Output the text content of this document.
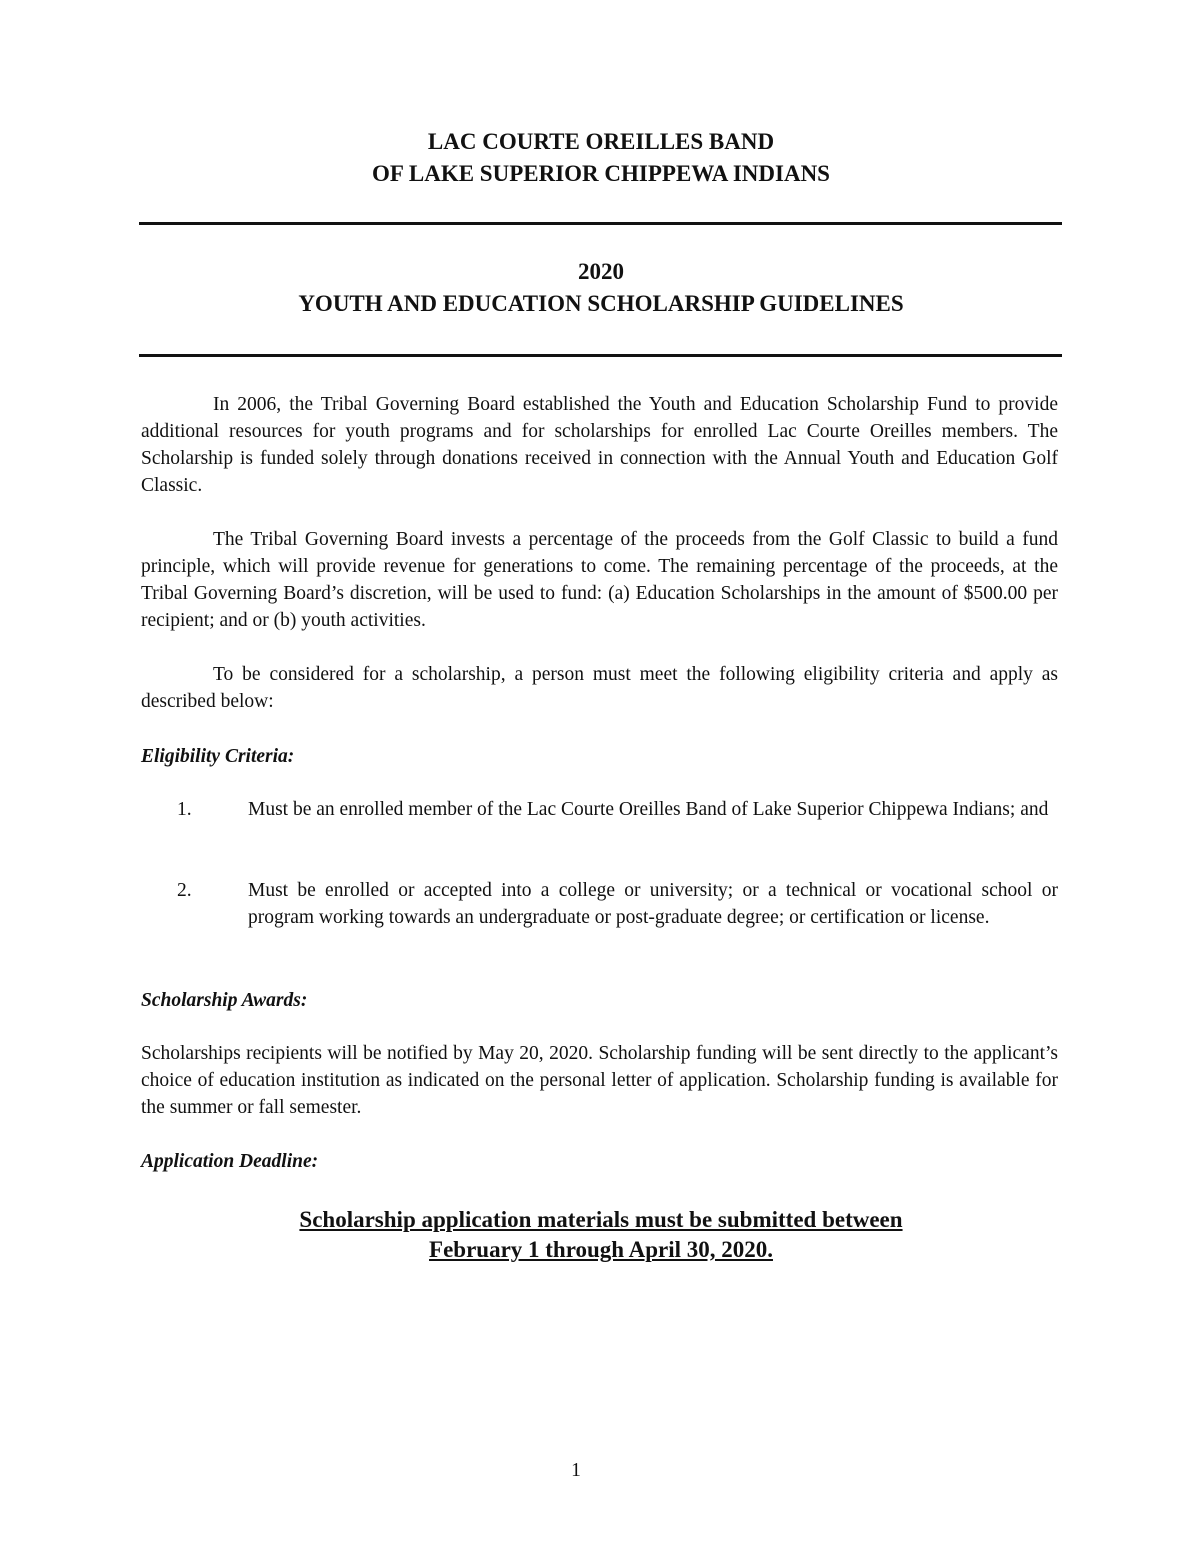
LAC COURTE OREILLES BAND
OF LAKE SUPERIOR CHIPPEWA INDIANS
2020
YOUTH AND EDUCATION SCHOLARSHIP GUIDELINES

In 2006, the Tribal Governing Board established the Youth and Education Scholarship Fund to provide additional resources for youth programs and for scholarships for enrolled Lac Courte Oreilles members. The Scholarship is funded solely through donations received in connection with the Annual Youth and Education Golf Classic.

The Tribal Governing Board invests a percentage of the proceeds from the Golf Classic to build a fund principle, which will provide revenue for generations to come. The remaining percentage of the proceeds, at the Tribal Governing Board’s discretion, will be used to fund: (a) Education Scholarships in the amount of $500.00 per recipient; and or (b) youth activities.

To be considered for a scholarship, a person must meet the following eligibility criteria and apply as described below:

Eligibility Criteria:
1.	Must be an enrolled member of the Lac Courte Oreilles Band of Lake Superior Chippewa Indians; and

2.	Must be enrolled or accepted into a college or university; or a technical or vocational school or program working towards an undergraduate or post-graduate degree; or certification or license.

Scholarship Awards:

Scholarships recipients will be notified by May 20, 2020. Scholarship funding will be sent directly to the applicant’s choice of education institution as indicated on the personal letter of application. Scholarship funding is available for the summer or fall semester.

Application Deadline:
Scholarship application materials must be submitted between
February 1 through April 30, 2020.
1
